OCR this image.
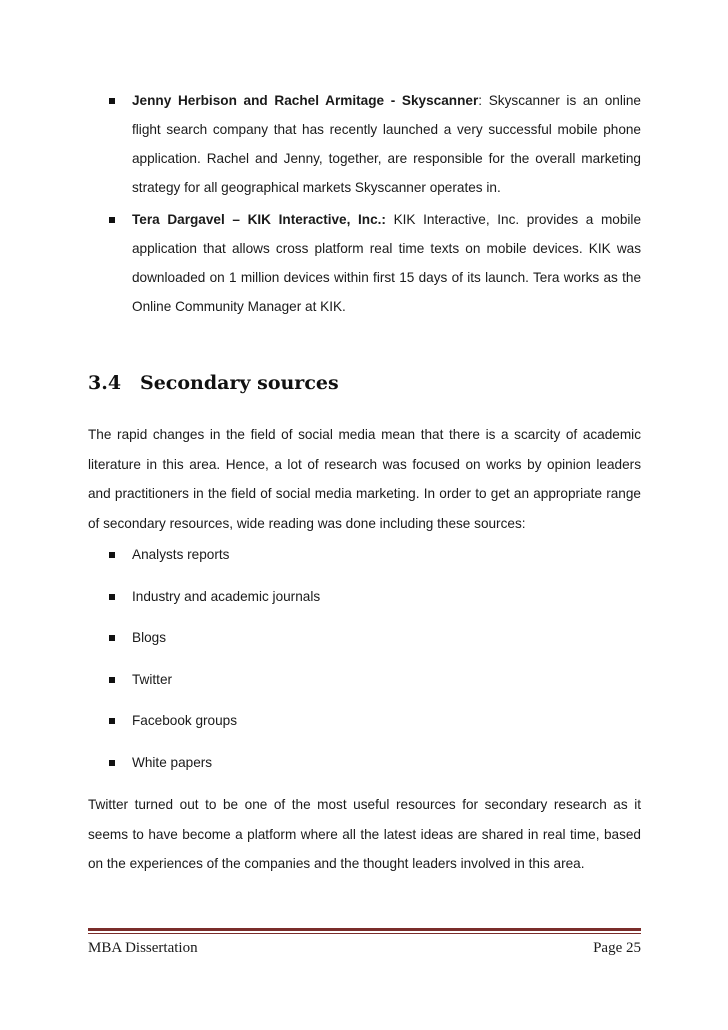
Jenny Herbison and Rachel Armitage - Skyscanner: Skyscanner is an online flight search company that has recently launched a very successful mobile phone application. Rachel and Jenny, together, are responsible for the overall marketing strategy for all geographical markets Skyscanner operates in.
Tera Dargavel – KIK Interactive, Inc.: KIK Interactive, Inc. provides a mobile application that allows cross platform real time texts on mobile devices. KIK was downloaded on 1 million devices within first 15 days of its launch. Tera works as the Online Community Manager at KIK.
3.4 Secondary sources
The rapid changes in the field of social media mean that there is a scarcity of academic literature in this area. Hence, a lot of research was focused on works by opinion leaders and practitioners in the field of social media marketing. In order to get an appropriate range of secondary resources, wide reading was done including these sources:
Analysts reports
Industry and academic journals
Blogs
Twitter
Facebook groups
White papers
Twitter turned out to be one of the most useful resources for secondary research as it seems to have become a platform where all the latest ideas are shared in real time, based on the experiences of the companies and the thought leaders involved in this area.
MBA Dissertation	Page 25
